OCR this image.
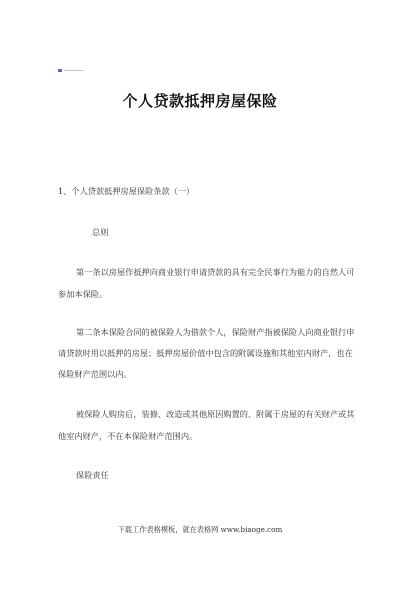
个人贷款抵押房屋保险
1、个人贷款抵押房屋保险条款（一）
总则
第一条以房屋作抵押向商业银行申请贷款的具有完全民事行为能力的自然人可
参加本保险。
第二条本保险合同的被保险人为借款个人，保险财产指被保险人向商业银行申
请贷款时用以抵押的房屋；抵押房屋价值中包含的附属设施和其他室内财产，也在
保险财产范围以内。
被保险人购房后，装修、改造或其他原因购置的、附属于房屋的有关财产或其
他室内财产，不在本保险财产范围内。
保险责任
下载工作表格模板，就在表格网 www.biaoge.com
